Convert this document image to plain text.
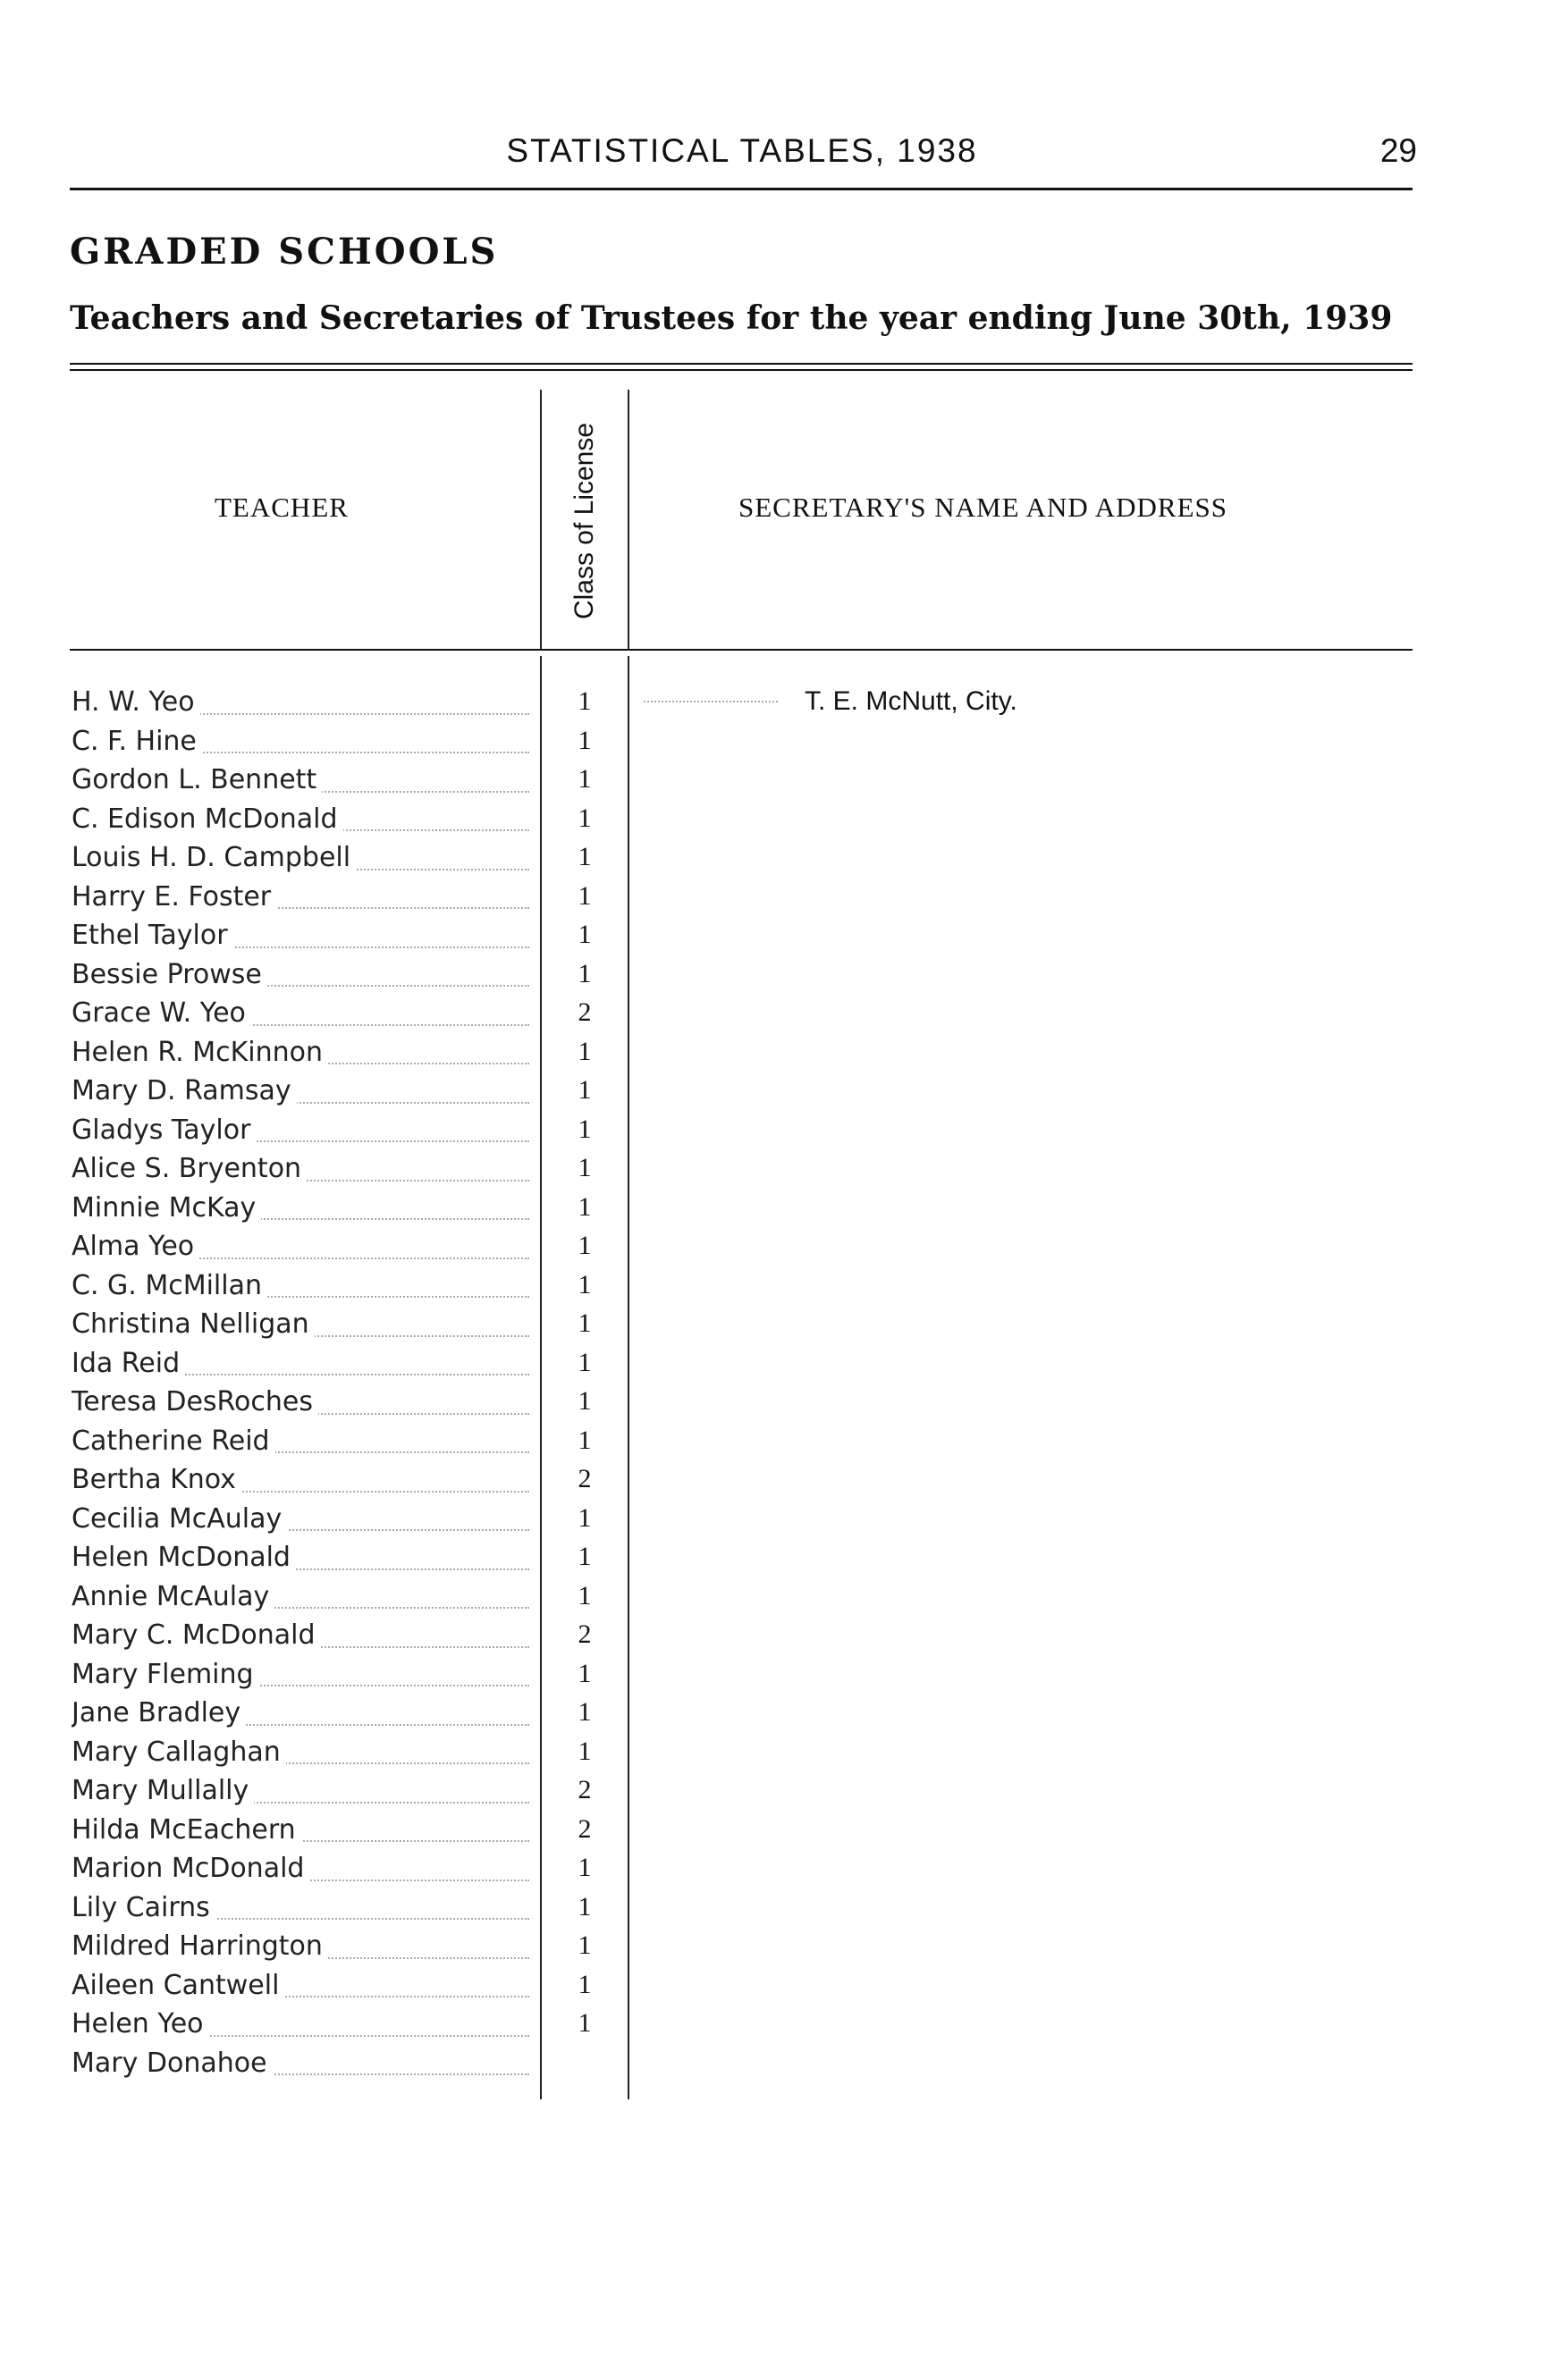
STATISTICAL TABLES, 1938	29
GRADED SCHOOLS
Teachers and Secretaries of Trustees for the year ending June 30th, 1939
TEACHER	Class of License	SECRETARY'S NAME AND ADDRESS
H. W. Yeo	1	T. E. McNutt, City.
C. F. Hine	1
Gordon L. Bennett	1
C. Edison McDonald	1
Louis H. D. Campbell	1
Harry E. Foster	1
Ethel Taylor	1
Bessie Prowse	1
Grace W. Yeo	2
Helen R. McKinnon	1
Mary D. Ramsay	1
Gladys Taylor	1
Alice S. Bryenton	1
Minnie McKay	1
Alma Yeo	1
C. G. McMillan	1
Christina Nelligan	1
Ida Reid	1
Teresa DesRoches	1
Catherine Reid	1
Bertha Knox	2
Cecilia McAulay	1
Helen McDonald	1
Annie McAulay	1
Mary C. McDonald	2
Mary Fleming	1
Jane Bradley	1
Mary Callaghan	1
Mary Mullally	2
Hilda McEachern	2
Marion McDonald	1
Lily Cairns	1
Mildred Harrington	1
Aileen Cantwell	1
Helen Yeo	1
Mary Donahoe
